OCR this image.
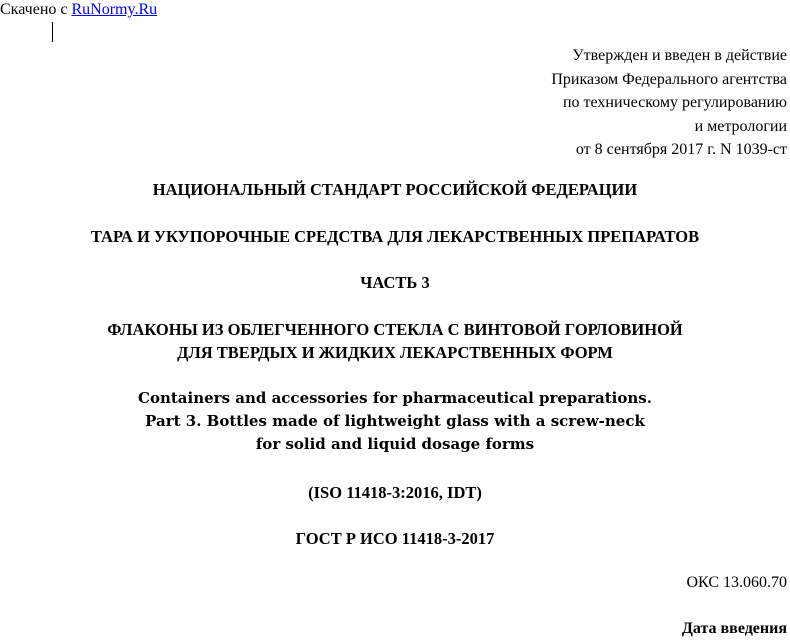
Скачено с RuNormy.Ru
Утвержден и введен в действие
Приказом Федерального агентства
по техническому регулированию
и метрологии
от 8 сентября 2017 г. N 1039-ст
НАЦИОНАЛЬНЫЙ СТАНДАРТ РОССИЙСКОЙ ФЕДЕРАЦИИ
ТАРА И УКУПОРОЧНЫЕ СРЕДСТВА ДЛЯ ЛЕКАРСТВЕННЫХ ПРЕПАРАТОВ
ЧАСТЬ 3
ФЛАКОНЫ ИЗ ОБЛЕГЧЕННОГО СТЕКЛА С ВИНТОВОЙ ГОРЛОВИНОЙ
ДЛЯ ТВЕРДЫХ И ЖИДКИХ ЛЕКАРСТВЕННЫХ ФОРМ
Containers and accessories for pharmaceutical preparations.
Part 3. Bottles made of lightweight glass with a screw-neck
for solid and liquid dosage forms
(ISO 11418-3:2016, IDT)
ГОСТ Р ИСО 11418-3-2017
ОКС 13.060.70
Дата введения
